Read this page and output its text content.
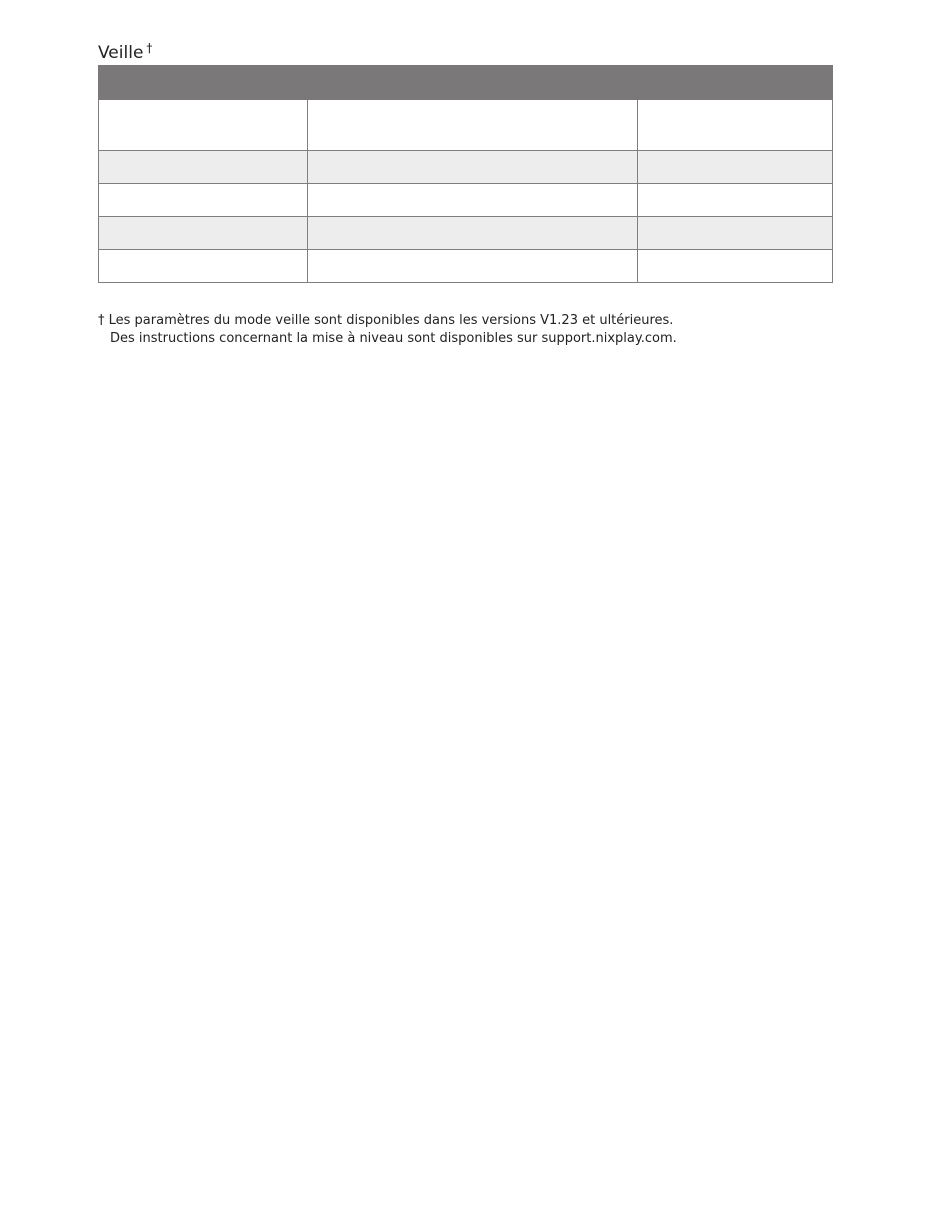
Veille †

† Les paramètres du mode veille sont disponibles dans les versions V1.23 et ultérieures.

Des instructions concernant la mise à niveau sont disponibles sur support.nixplay.com.
